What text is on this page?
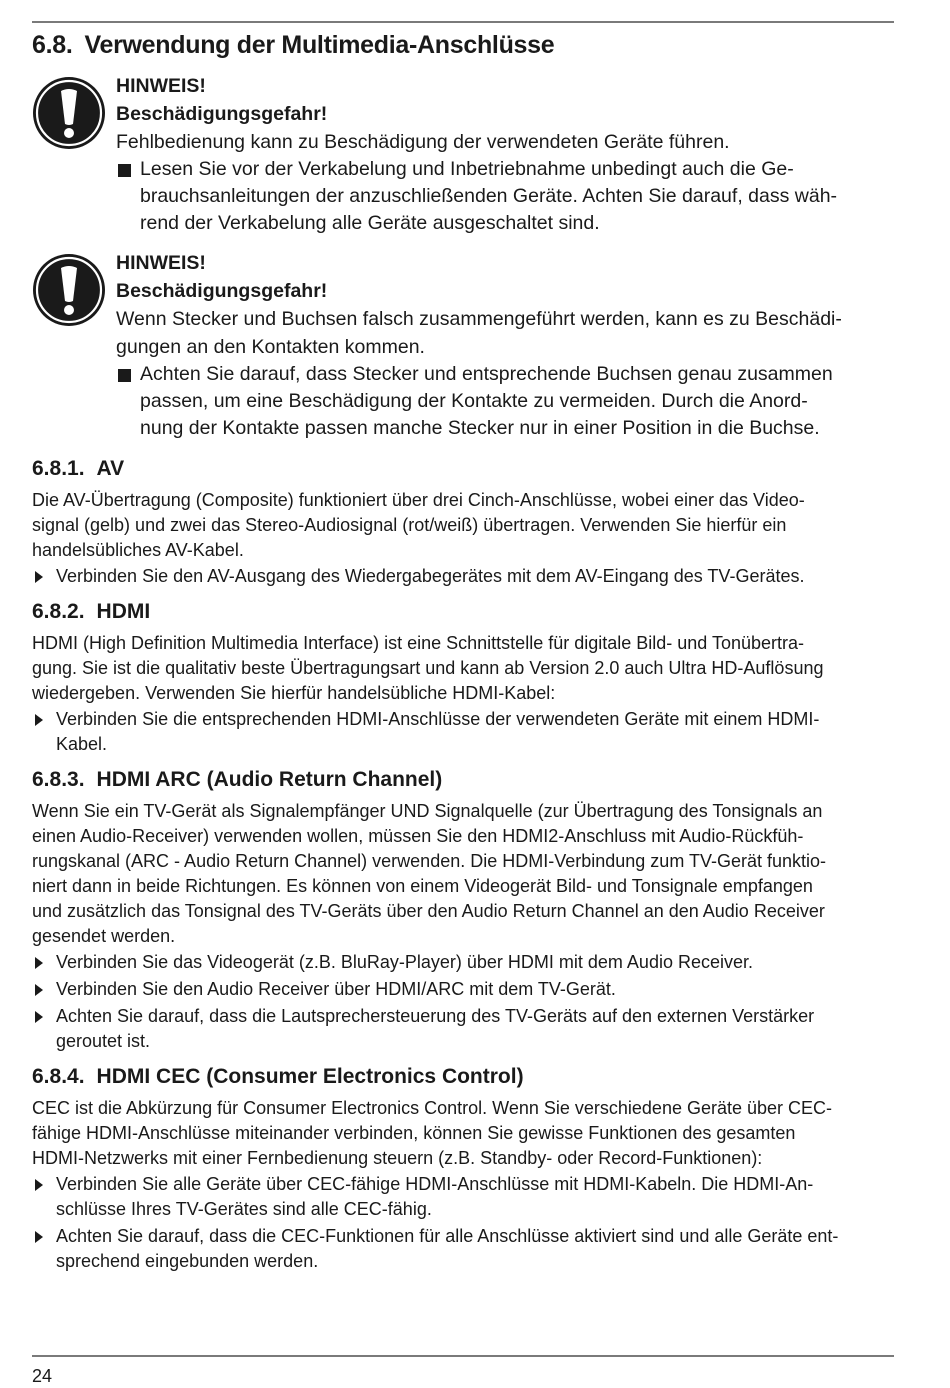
6.8. Verwendung der Multimedia-Anschlüsse

HINWEIS!

Beschädigungsgefahr!

Fehlbedienung kann zu Beschädigung der verwendeten Geräte führen.

Lesen Sie vor der Verkabelung und Inbetriebnahme unbedingt auch die Ge-

brauchsanleitungen der anzuschließenden Geräte. Achten Sie darauf, dass wäh-

rend der Verkabelung alle Geräte ausgeschaltet sind.

HINWEIS!

Beschädigungsgefahr!

Wenn Stecker und Buchsen falsch zusammengeführt werden, kann es zu Beschädi-

gungen an den Kontakten kommen.

Achten Sie darauf, dass Stecker und entsprechende Buchsen genau zusammen

passen, um eine Beschädigung der Kontakte zu vermeiden. Durch die Anord-

nung der Kontakte passen manche Stecker nur in einer Position in die Buchse.

6.8.1. AV

Die AV-Übertragung (Composite) funktioniert über drei Cinch-Anschlüsse, wobei einer das Video-

signal (gelb) und zwei das Stereo-Audiosignal (rot/weiß) übertragen. Verwenden Sie hierfür ein

handelsübliches AV-Kabel.

Verbinden Sie den AV-Ausgang des Wiedergabegerätes mit dem AV-Eingang des TV-Gerätes.
6.8.2. HDMI

HDMI (High Definition Multimedia Interface) ist eine Schnittstelle für digitale Bild- und Tonübertra-

gung. Sie ist die qualitativ beste Übertragungsart und kann ab Version 2.0 auch Ultra HD-Auflösung

wiedergeben. Verwenden Sie hierfür handelsübliche HDMI-Kabel:

Verbinden Sie die entsprechenden HDMI-Anschlüsse der verwendeten Geräte mit einem HDMI-
Kabel.
6.8.3. HDMI ARC (Audio Return Channel)

Wenn Sie ein TV-Gerät als Signalempfänger UND Signalquelle (zur Übertragung des Tonsignals an

einen Audio-Receiver) verwenden wollen, müssen Sie den HDMI2-Anschluss mit Audio-Rückfüh-

rungskanal (ARC - Audio Return Channel) verwenden. Die HDMI-Verbindung zum TV-Gerät funktio-

niert dann in beide Richtungen. Es können von einem Videogerät Bild- und Tonsignale empfangen

und zusätzlich das Tonsignal des TV-Geräts über den Audio Return Channel an den Audio Receiver

gesendet werden.

Verbinden Sie das Videogerät (z.B. BluRay-Player) über HDMI mit dem Audio Receiver.
Verbinden Sie den Audio Receiver über HDMI/ARC mit dem TV-Gerät.
Achten Sie darauf, dass die Lautsprechersteuerung des TV-Geräts auf den externen Verstärker
geroutet ist.
6.8.4. HDMI CEC (Consumer Electronics Control)

CEC ist die Abkürzung für Consumer Electronics Control. Wenn Sie verschiedene Geräte über CEC-

fähige HDMI-Anschlüsse miteinander verbinden, können Sie gewisse Funktionen des gesamten

HDMI-Netzwerks mit einer Fernbedienung steuern (z.B. Standby- oder Record-Funktionen):

Verbinden Sie alle Geräte über CEC-fähige HDMI-Anschlüsse mit HDMI-Kabeln. Die HDMI-An-
schlüsse Ihres TV-Gerätes sind alle CEC-fähig.
Achten Sie darauf, dass die CEC-Funktionen für alle Anschlüsse aktiviert sind und alle Geräte ent-
sprechend eingebunden werden.
24
